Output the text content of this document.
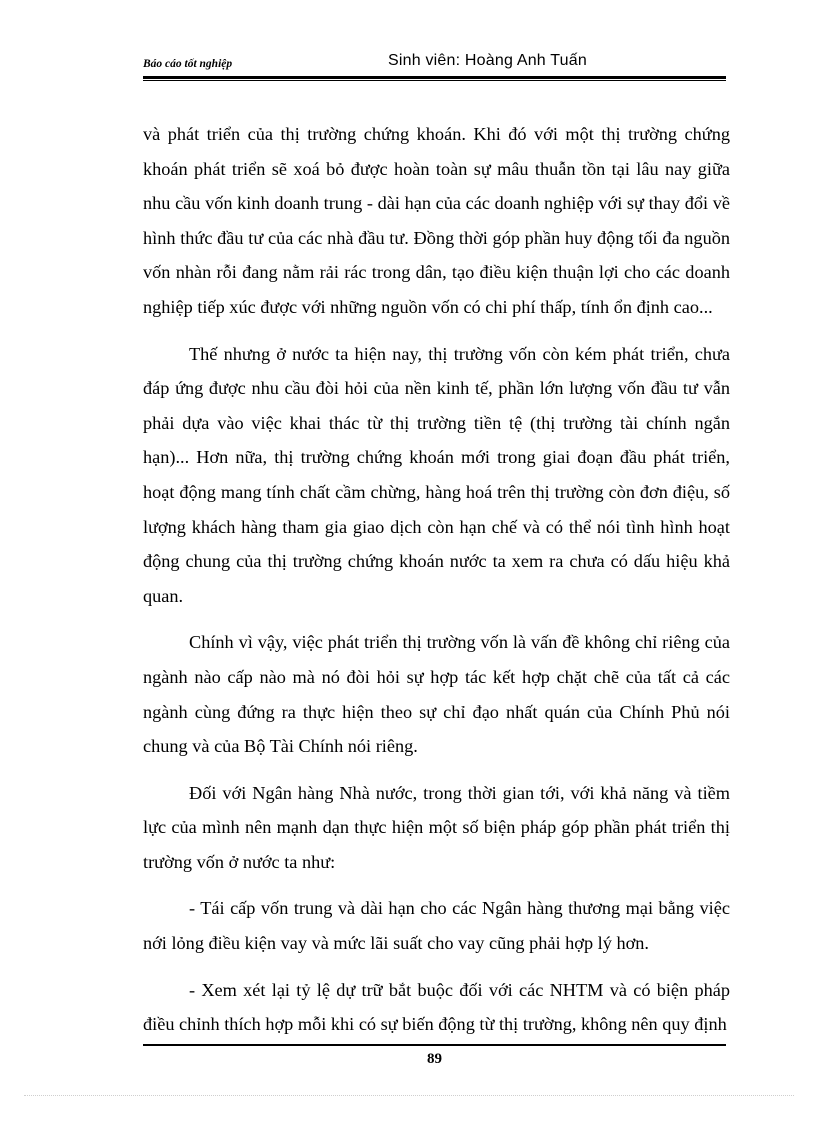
Báo cáo tốt nghiệp	Sinh viên: Hoàng Anh Tuấn

và phát triển của thị trường chứng khoán. Khi đó với một thị trường chứng khoán phát triển sẽ xoá bỏ được hoàn toàn sự mâu thuẫn tồn tại lâu nay giữa nhu cầu vốn kinh doanh trung - dài hạn của các doanh nghiệp với sự thay đổi về hình thức đầu tư của các nhà đầu tư. Đồng thời góp phần huy động tối đa nguồn vốn nhàn rỗi đang nằm rải rác trong dân, tạo điều kiện thuận lợi cho các doanh nghiệp tiếp xúc được với những nguồn vốn có chi phí thấp, tính ổn định cao...

Thế nhưng ở nước ta hiện nay, thị trường vốn còn kém phát triển, chưa đáp ứng được nhu cầu đòi hỏi của nền kinh tế, phần lớn lượng vốn đầu tư vẫn phải dựa vào việc khai thác từ thị trường tiền tệ (thị trường tài chính ngắn hạn)... Hơn nữa, thị trường chứng khoán mới trong giai đoạn đầu phát triển, hoạt động mang tính chất cầm chừng, hàng hoá trên thị trường còn đơn điệu, số lượng khách hàng tham gia giao dịch còn hạn chế và có thể nói tình hình hoạt động chung của thị trường chứng khoán nước ta xem ra chưa có dấu hiệu khả quan.

Chính vì vậy, việc phát triển thị trường vốn là vấn đề không chỉ riêng của ngành nào cấp nào mà nó đòi hỏi sự hợp tác kết hợp chặt chẽ của tất cả các ngành cùng đứng ra thực hiện theo sự chỉ đạo nhất quán của Chính Phủ nói chung và của Bộ Tài Chính nói riêng.

Đối với Ngân hàng Nhà nước, trong thời gian tới, với khả năng và tiềm lực của mình nên mạnh dạn thực hiện một số biện pháp góp phần phát triển thị trường vốn ở nước ta như:

- Tái cấp vốn trung và dài hạn cho các Ngân hàng thương mại bằng việc nới lỏng điều kiện vay và mức lãi suất cho vay cũng phải hợp lý hơn.

- Xem xét lại tỷ lệ dự trữ bắt buộc đối với các NHTM và có biện pháp điều chỉnh thích hợp mỗi khi có sự biến động từ thị trường, không nên quy định

89
